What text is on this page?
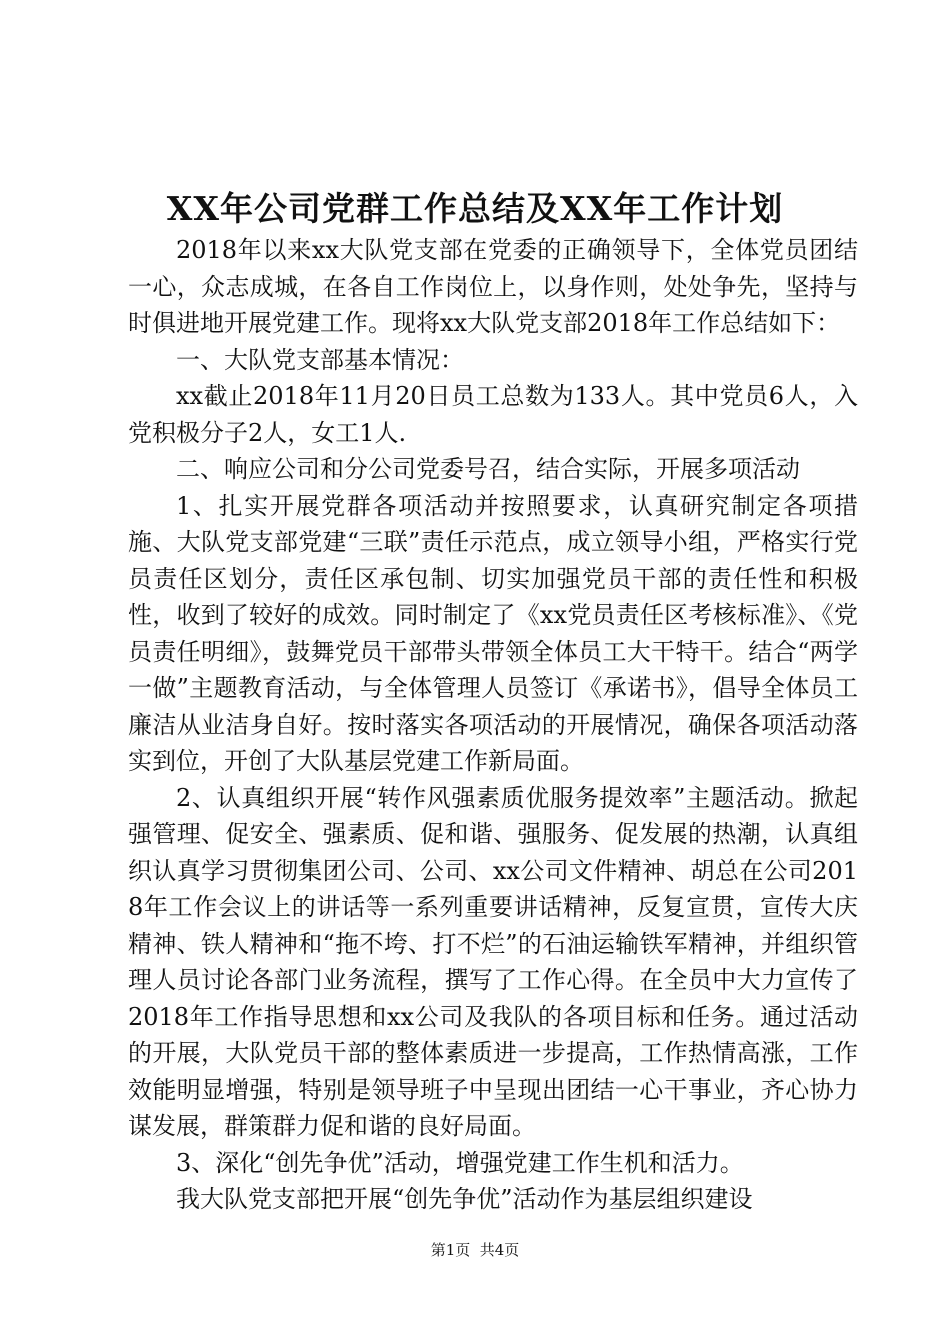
XX年公司党群工作总结及XX年工作计划

2018年以来xx大队党支部在党委的正确领导下，全体党员团结一心，众志成城，在各自工作岗位上，以身作则，处处争先，坚持与时俱进地开展党建工作。现将xx大队党支部2018年工作总结如下：

一、大队党支部基本情况：

xx截止2018年11月20日员工总数为133人。其中党员6人，入党积极分子2人，女工1人.

二、响应公司和分公司党委号召，结合实际，开展多项活动

1、扎实开展党群各项活动并按照要求，认真研究制定各项措施、大队党支部党建“三联”责任示范点，成立领导小组，严格实行党员责任区划分，责任区承包制、切实加强党员干部的责任性和积极性，收到了较好的成效。同时制定了《xx党员责任区考核标准》、《党员责任明细》，鼓舞党员干部带头带领全体员工大干特干。结合“两学一做”主题教育活动，与全体管理人员签订《承诺书》，倡导全体员工廉洁从业洁身自好。按时落实各项活动的开展情况，确保各项活动落实到位，开创了大队基层党建工作新局面。

2、认真组织开展“转作风强素质优服务提效率”主题活动。掀起强管理、促安全、强素质、促和谐、强服务、促发展的热潮，认真组织认真学习贯彻集团公司、公司、xx公司文件精神、胡总在公司2018年工作会议上的讲话等一系列重要讲话精神，反复宣贯，宣传大庆精神、铁人精神和“拖不垮、打不烂”的石油运输铁军精神，并组织管理人员讨论各部门业务流程，撰写了工作心得。在全员中大力宣传了2018年工作指导思想和xx公司及我队的各项目标和任务。通过活动的开展，大队党员干部的整体素质进一步提高，工作热情高涨，工作效能明显增强，特别是领导班子中呈现出团结一心干事业，齐心协力谋发展，群策群力促和谐的良好局面。

3、深化“创先争优”活动，增强党建工作生机和活力。

我大队党支部把开展“创先争优”活动作为基层组织建设

第1页  共4页
